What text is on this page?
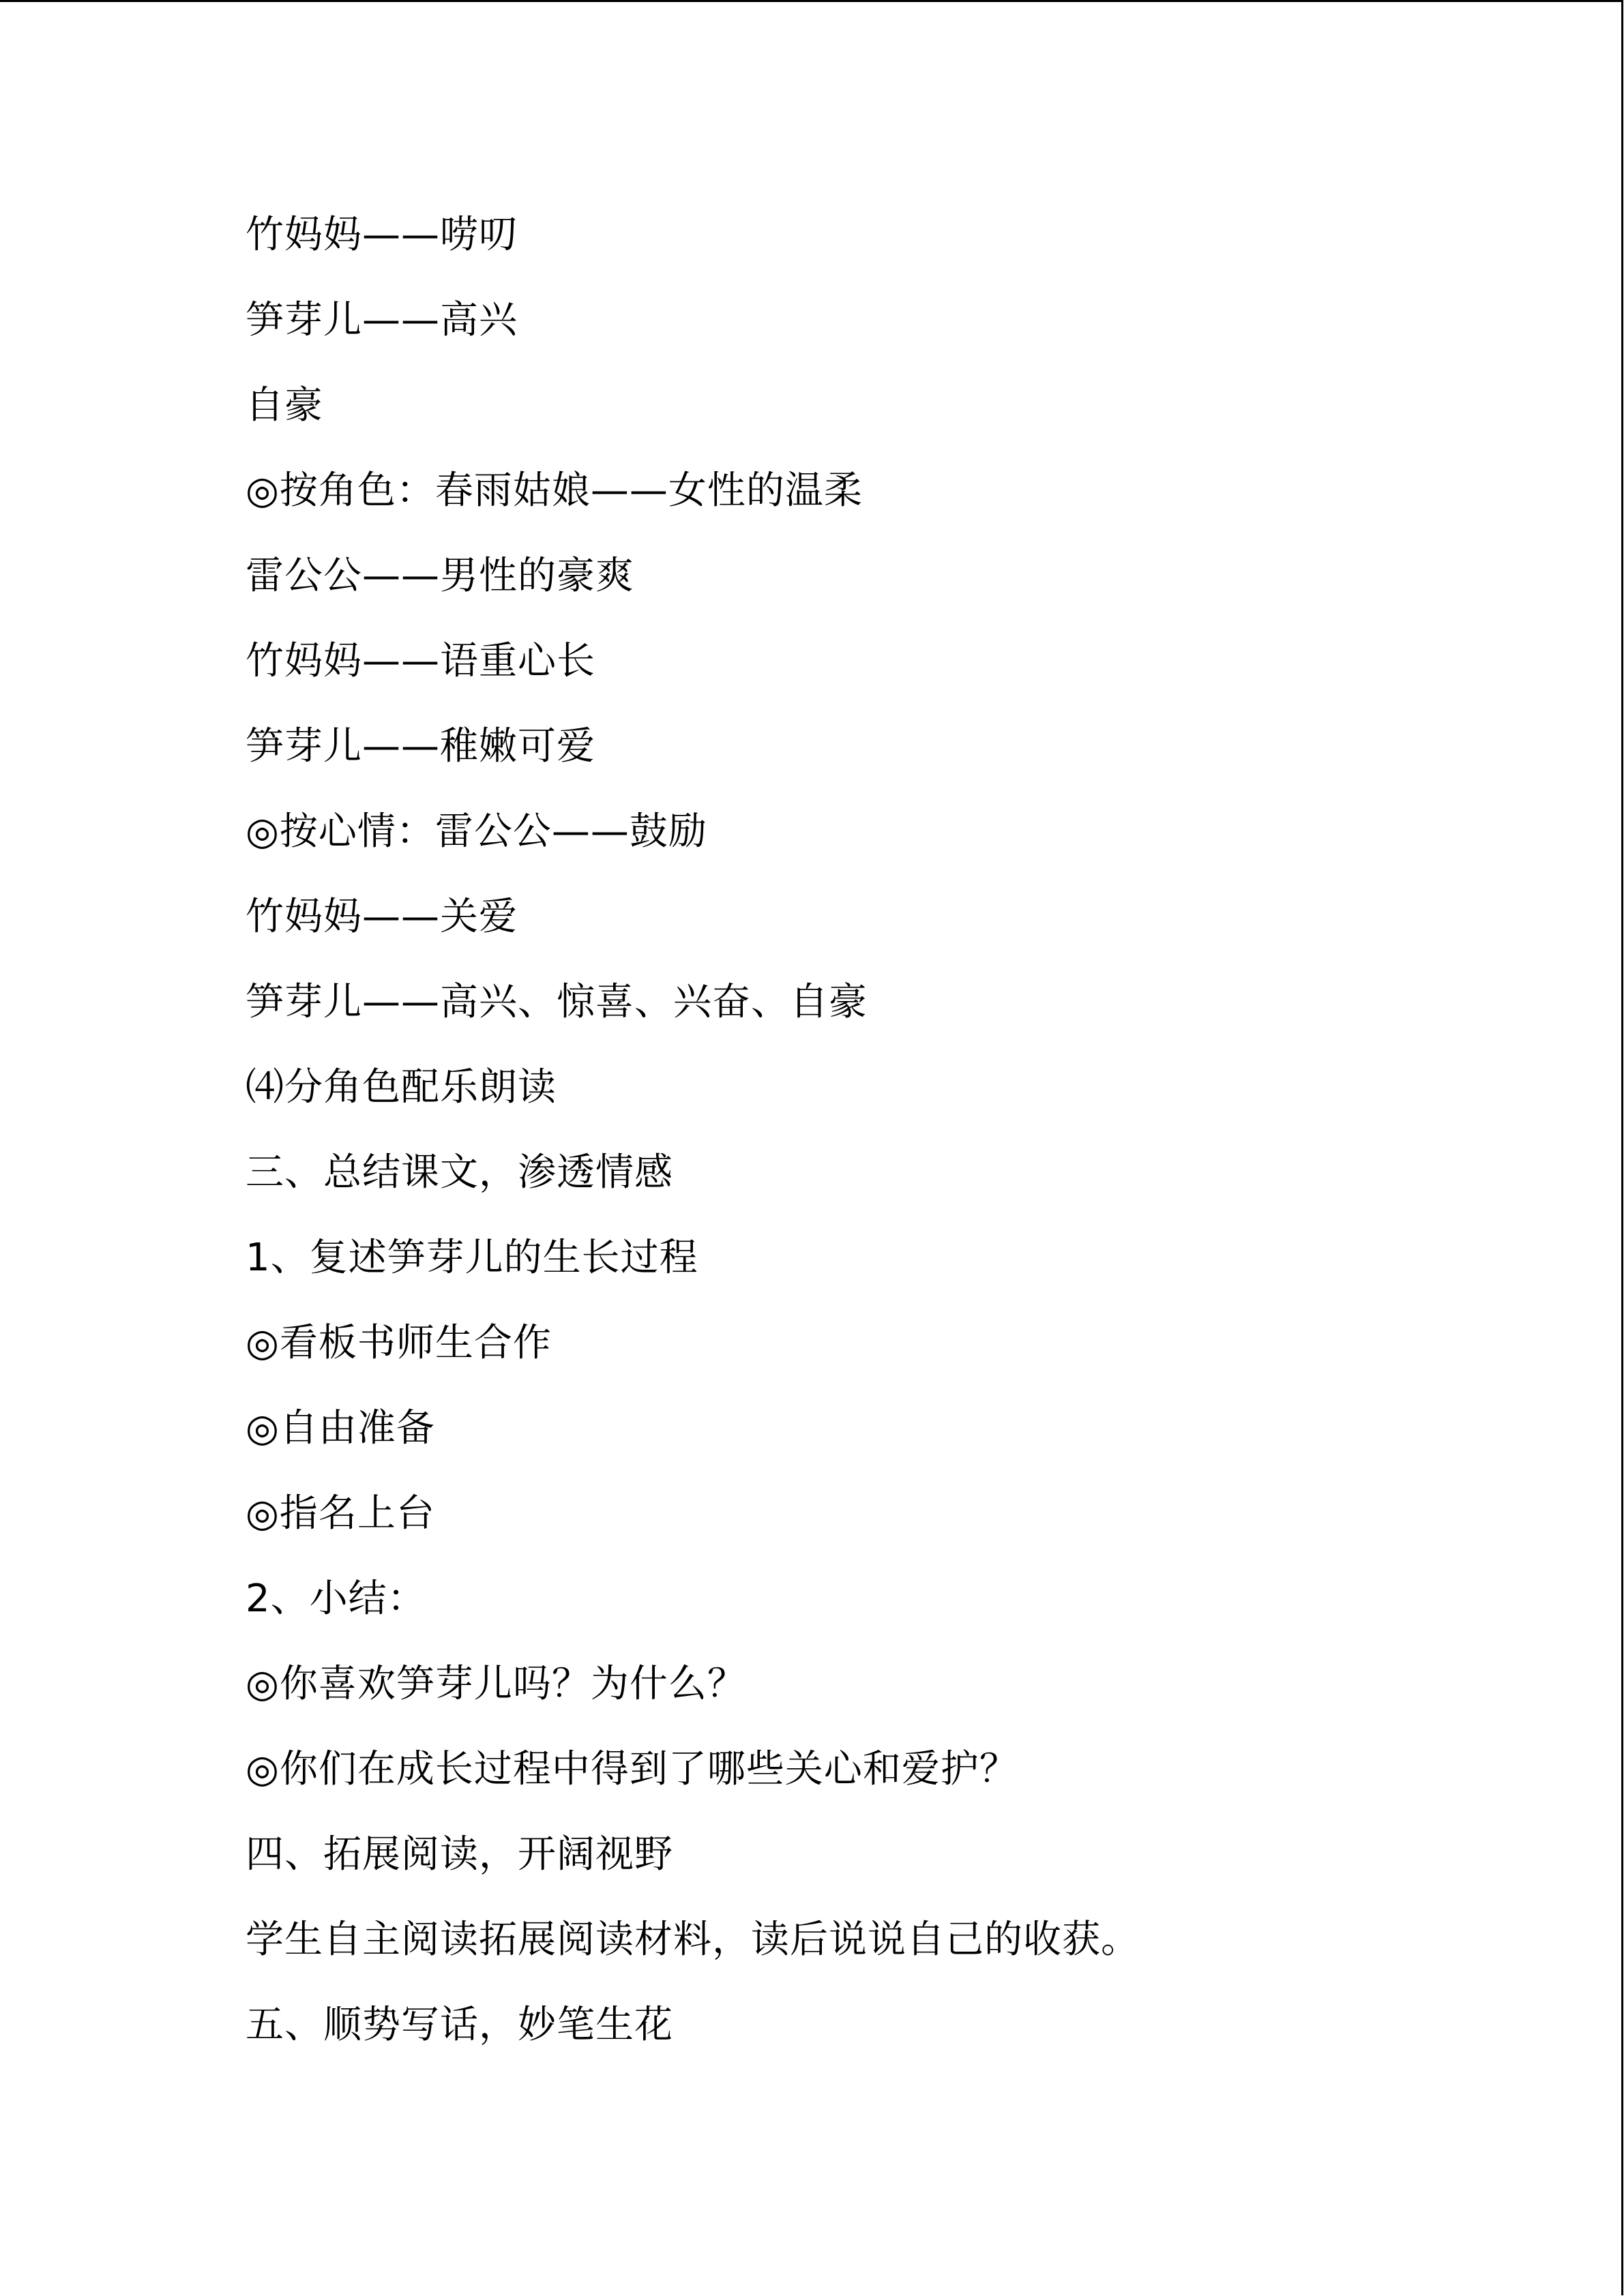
竹妈妈——唠叨
笋芽儿——高兴
自豪
◎按角色：春雨姑娘——女性的温柔
雷公公——男性的豪爽
竹妈妈——语重心长
笋芽儿——稚嫩可爱
◎按心情：雷公公——鼓励
竹妈妈——关爱
笋芽儿——高兴、惊喜、兴奋、自豪
⑷分角色配乐朗读
三、总结课文，渗透情感
1、复述笋芽儿的生长过程
◎看板书师生合作
◎自由准备
◎指名上台
2、小结：
◎你喜欢笋芽儿吗？为什么？
◎你们在成长过程中得到了哪些关心和爱护？
四、拓展阅读，开阔视野
学生自主阅读拓展阅读材料，读后说说自己的收获。
五、顺势写话，妙笔生花
